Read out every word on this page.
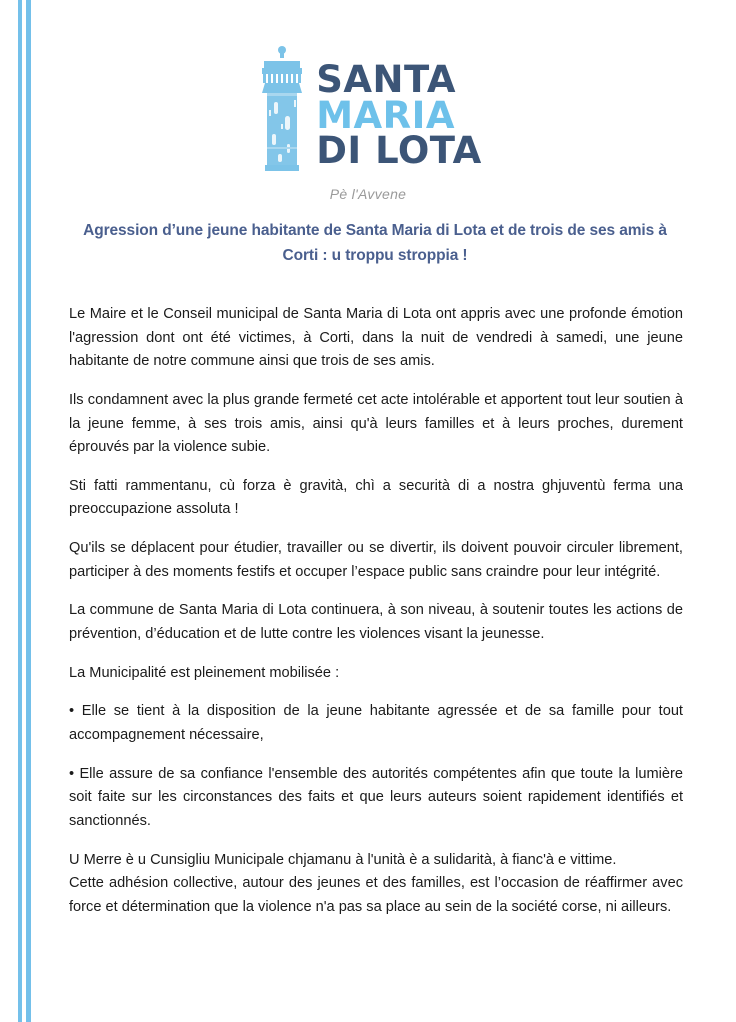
SANTA
MARIA
DI LOTA
Pè l'Avvene
Agression d’une jeune habitante de Santa Maria di Lota et de trois de ses amis à Corti : u troppu stroppia !

Le Maire et le Conseil municipal de Santa Maria di Lota ont appris avec une profonde émotion l'agression dont ont été victimes, à Corti, dans la nuit de vendredi à samedi, une jeune habitante de notre commune ainsi que trois de ses amis.

Ils condamnent avec la plus grande fermeté cet acte intolérable et apportent tout leur soutien à la jeune femme, à ses trois amis, ainsi qu'à leurs familles et à leurs proches, durement éprouvés par la violence subie.

Sti fatti rammentanu, cù forza è gravità, chì a securità di a nostra ghjuventù ferma una preoccupazione assoluta !

Qu'ils se déplacent pour étudier, travailler ou se divertir, ils doivent pouvoir circuler librement, participer à des moments festifs et occuper l’espace public sans craindre pour leur intégrité.

La commune de Santa Maria di Lota continuera, à son niveau, à soutenir toutes les actions de prévention, d’éducation et de lutte contre les violences visant la jeunesse.

La Municipalité est pleinement mobilisée :

• Elle se tient à la disposition de la jeune habitante agressée et de sa famille pour tout accompagnement nécessaire,

• Elle assure de sa confiance l'ensemble des autorités compétentes afin que toute la lumière soit faite sur les circonstances des faits et que leurs auteurs soient rapidement identifiés et sanctionnés.

U Merre è u Cunsigliu Municipale chjamanu à l'unità è a sulidarità, à fianc'à e vittime.

Cette adhésion collective, autour des jeunes et des familles, est l’occasion de réaffirmer avec force et détermination que la violence n'a pas sa place au sein de la société corse, ni ailleurs.
